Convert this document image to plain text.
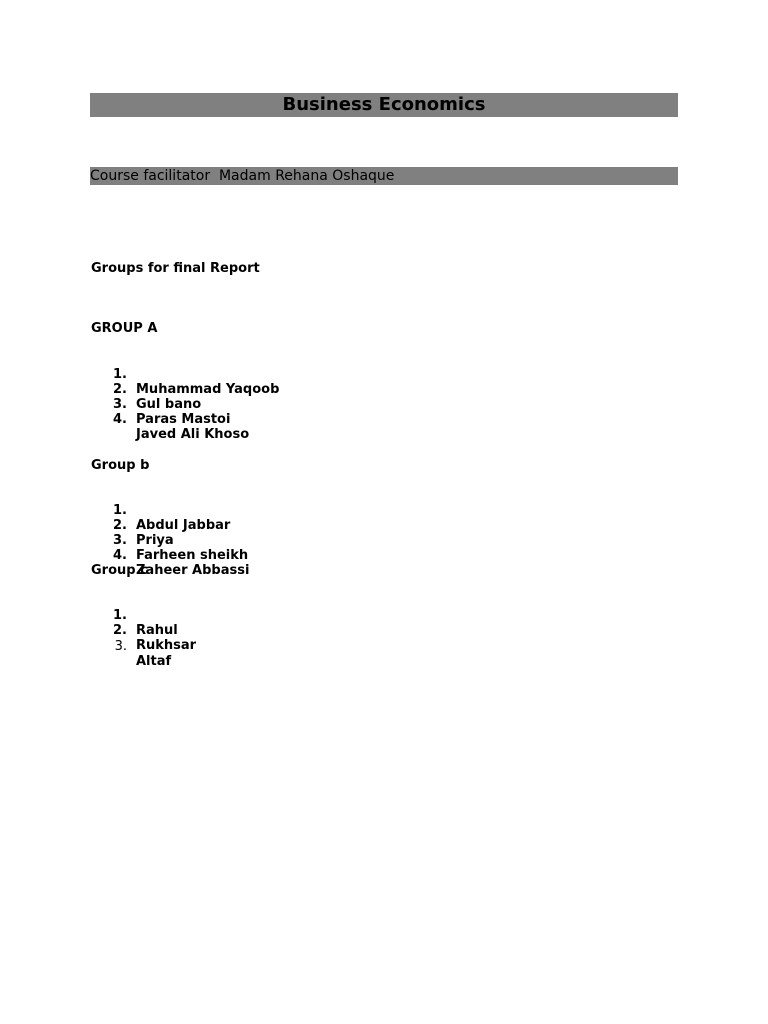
Business Economics
Course facilitator  Madam Rehana Oshaque
Groups for final Report
GROUP A

1.

Muhammad Yaqoob

2.

Gul bano

3.

Paras Mastoi

4.

Javed Ali Khoso

Group b

1.

Abdul Jabbar

2.

Priya

3.

Farheen sheikh

4.

Zaheer Abbassi

Group c

1.

Rahul

2.

Rukhsar

3.

Altaf
